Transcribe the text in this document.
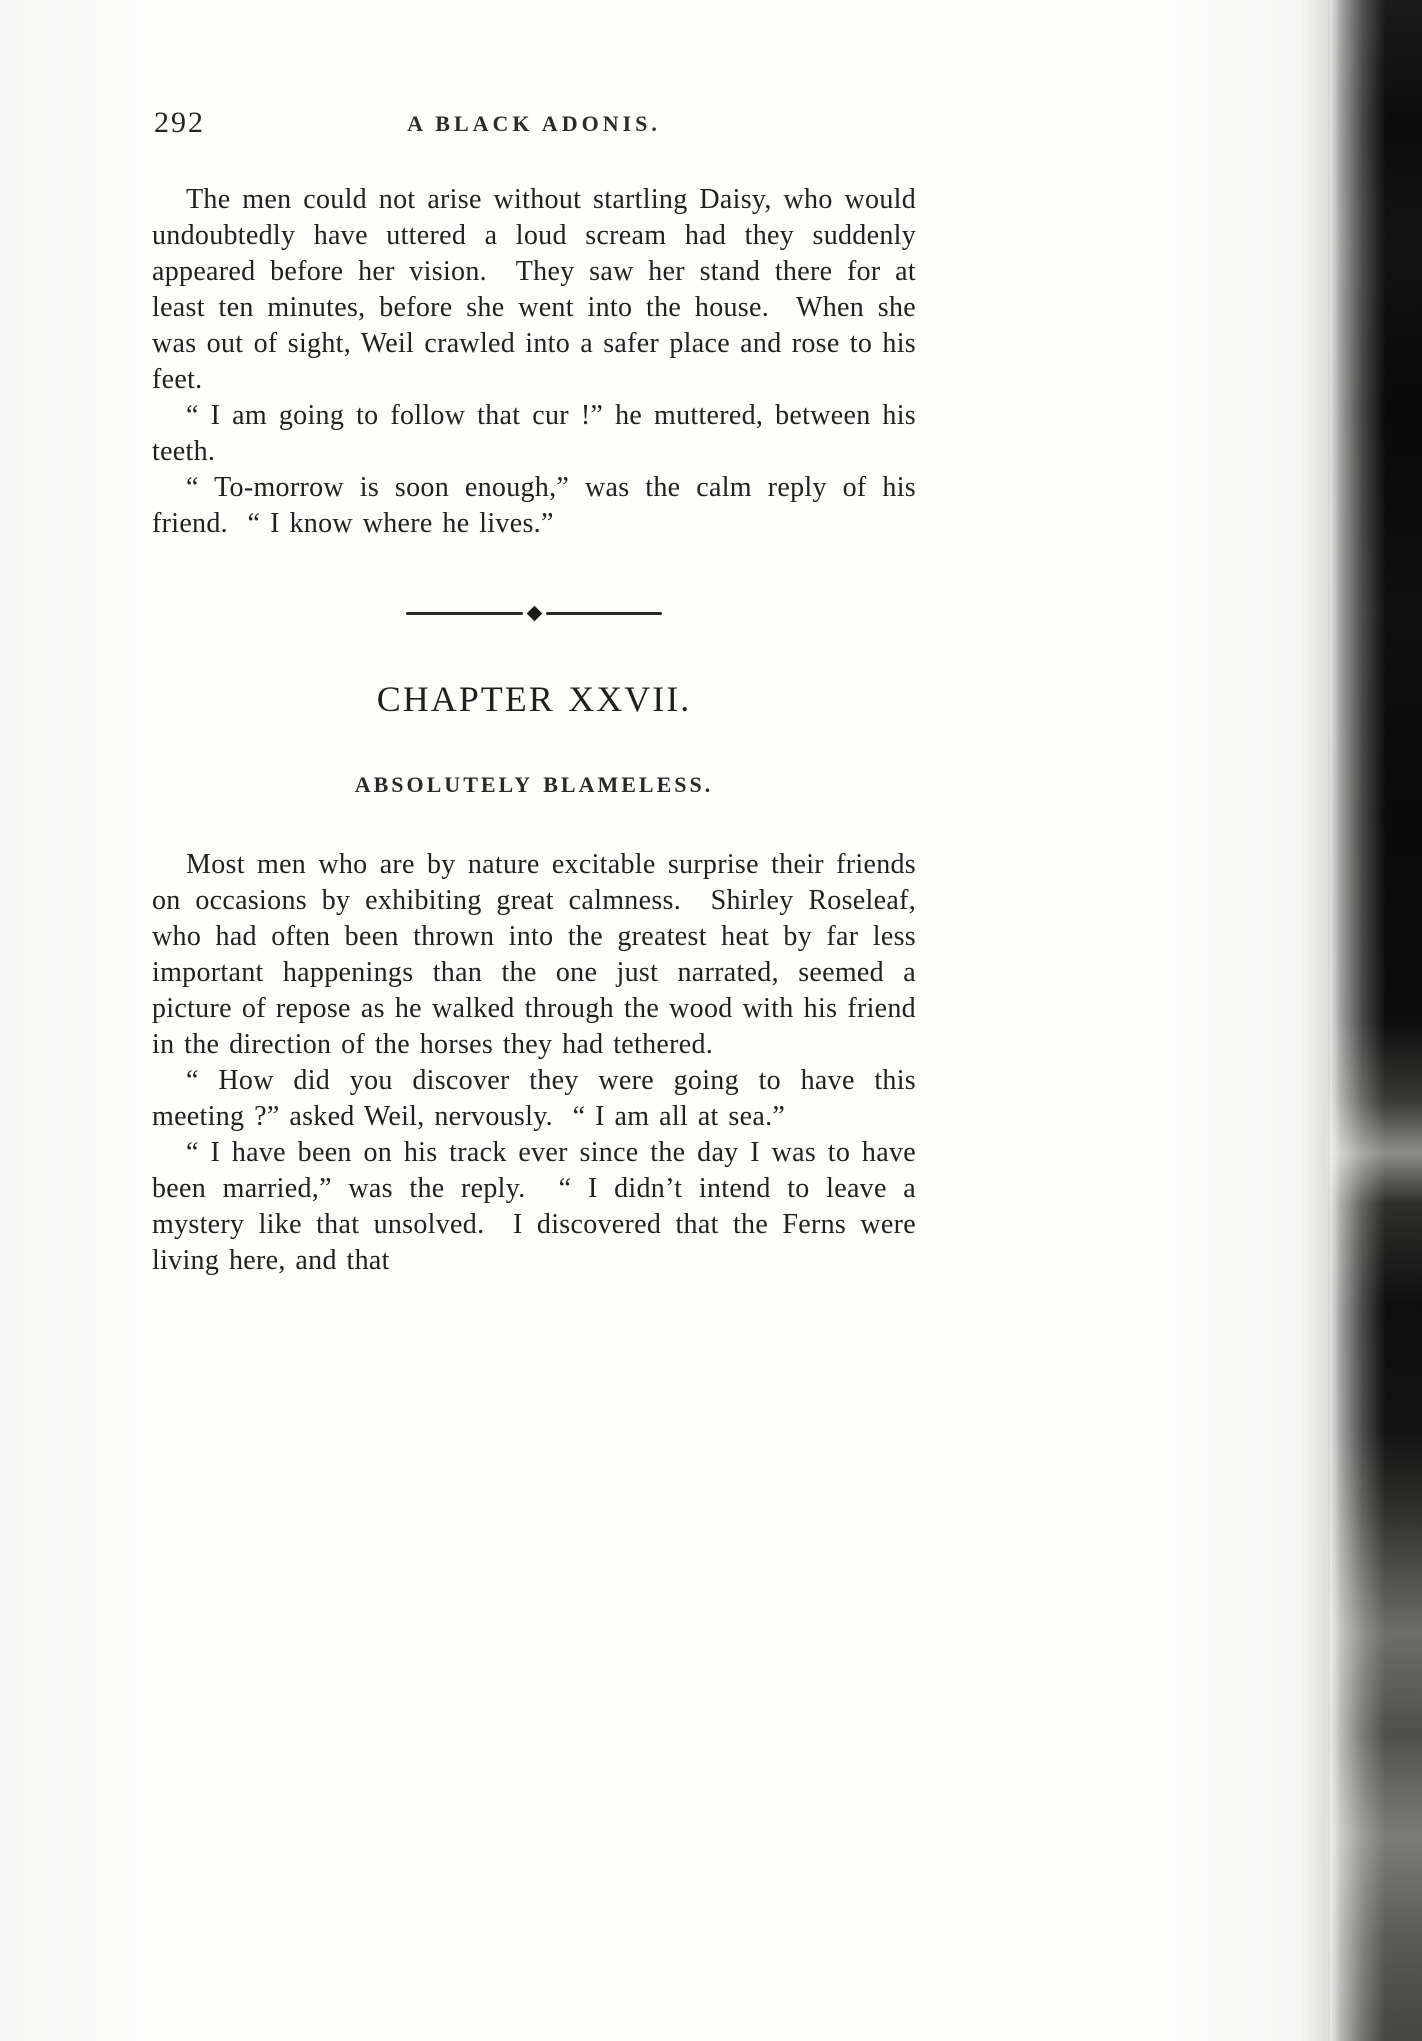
292	A BLACK ADONIS.

The men could not arise without startling Daisy, who would undoubtedly have uttered a loud scream had they suddenly appeared before her vision.  They saw her stand there for at least ten minutes, before she went into the house.  When she was out of sight, Weil crawled into a safer place and rose to his feet.

“ I am going to follow that cur !” he muttered, between his teeth.

“ To-morrow is soon enough,” was the calm reply of his friend.  “ I know where he lives.”

CHAPTER XXVII.
ABSOLUTELY BLAMELESS.

Most men who are by nature excitable surprise their friends on occasions by exhibiting great calmness.  Shirley Roseleaf, who had often been thrown into the greatest heat by far less important happenings than the one just narrated, seemed a picture of repose as he walked through the wood with his friend in the direction of the horses they had tethered.

“ How did you discover they were going to have this meeting ?” asked Weil, nervously.  “ I am all at sea.”

“ I have been on his track ever since the day I was to have been married,” was the reply.  “ I didn’t intend to leave a mystery like that unsolved.  I discovered that the Ferns were living here, and that
